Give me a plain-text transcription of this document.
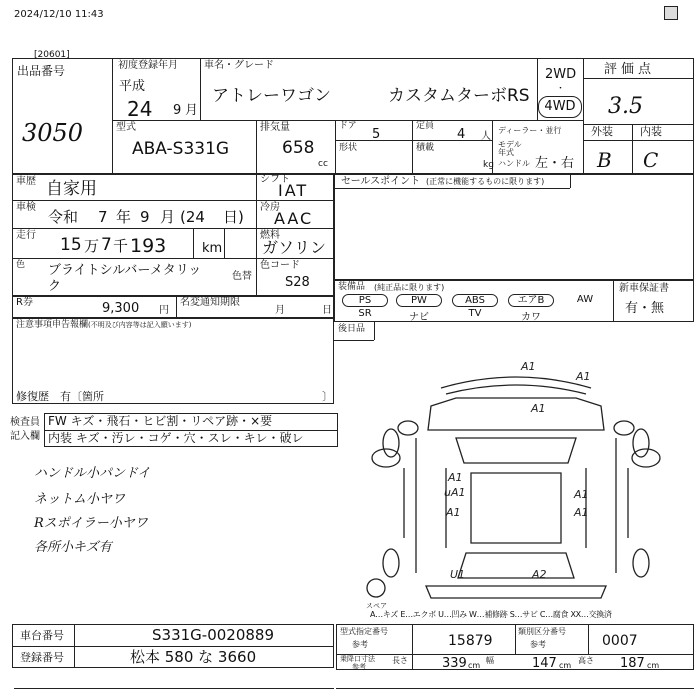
2024/12/10 11:43
[20601]
出品番号
3050
初度登録年月
平成
24 9 月
車名・グレード
アトレーワゴン	カスタムターボRS
2WD
・
4WD
評価点
3.5
外装 内装
B C
型式
ABA-S331G
排気量
658
cc
ドア
5
定員
4 人
ディーラー・並行
形状	積載
kg
モデル年式
ハンドル 左・右
車歴 自家用
車検
令和 7 年 9 月 (24 日)
走行 15 万 7 千 193	km
色 ブライトシルバーメタリッ
ク
色替
シフト
IAT
冷房
AAC
燃料
ガソリン
色コード
S28
R券	9,300 円
名変通知期限
月	日
注意事項申告報欄 (不明及び内容等は記入願います)
修復歴 有〔箇所	〕
セールスポイント (正常に機能するものに限ります)
装備品 (純正品に限ります)	新車保証書
有・無
PS	PW	ABS	エアB	AW
SR	ナビ	TV	カワ
後日品
検査員
記入欄
FW キズ・飛石・ヒビ割・リペア跡・×要
内装 キズ・汚レ・コゲ・穴・スレ・キレ・破レ
ハンドル小パンドイ
ネットム小ヤワ
Rスポイラー小ヤワ
各所小キズ有
A1
A1
A1
A1
uA1	A1
A1	A1
U1	A2
スペア
A…キズ E…エクボ U…凹み W…補修跡 S…サビ C…腐食 XX…交換済
車台番号	S331G-0020889
登録番号	松本 580 な 3660
型式指定番号
参考	15879
類別区分番号
参考	0007
乗降口寸法
参考
長さ	339 cm
幅	147 cm
高さ 187 cm
